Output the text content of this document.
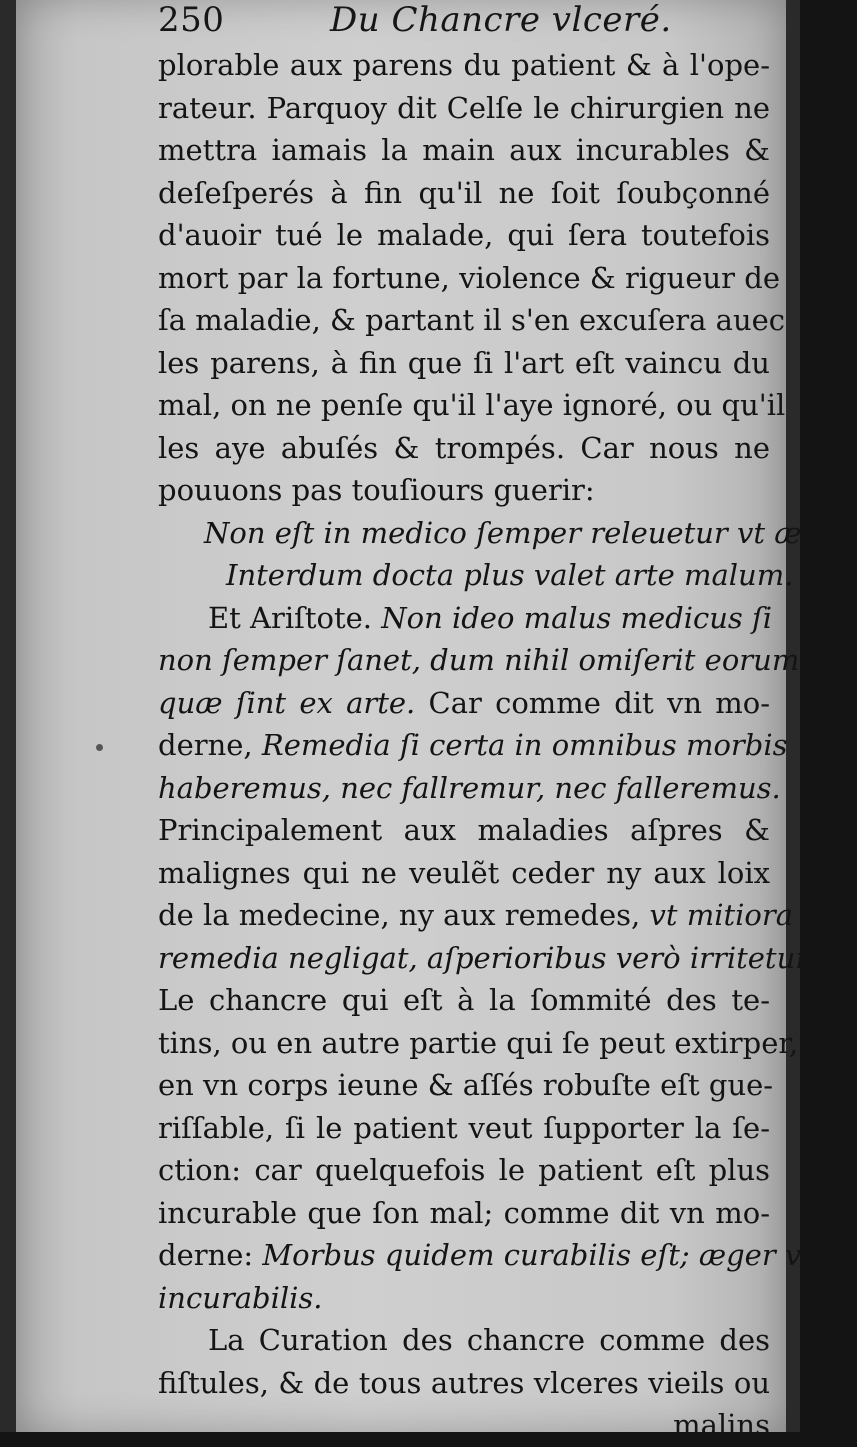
250	Du Chancre vlceré.
plorable aux parens du patient & à l'ope-
rateur. Parquoy dit Celſe le chirurgien ne
mettra iamais la main aux incurables &
deſeſperés à fin qu'il ne ſoit ſoubçonné
d'auoir tué le malade, qui ſera toutefois
mort par la fortune, violence & rigueur de
ſa maladie, & partant il s'en excuſera auec
les parens, à fin que ſi l'art eſt vaincu du
mal, on ne penſe qu'il l'aye ignoré, ou qu'il
les aye abuſés & trompés. Car nous ne
pouuons pas touſiours guerir:
Non eſt in medico ſemper releuetur vt æger,
Interdum docta plus valet arte malum.
Et Ariſtote. Non ideo malus medicus ſi
non ſemper ſanet, dum nihil omiſerit eorum
quæ ſint ex arte. Car comme dit vn mo-
derne, Remedia ſi certa in omnibus morbis
haberemus, nec fallremur, nec falleremus.
Principalement aux maladies aſpres &
malignes qui ne veulẽt ceder ny aux loix
de la medecine, ny aux remedes, vt mitiora
remedia negligat, aſperioribus verò irritetur.
Le chancre qui eſt à la ſommité des te-
tins, ou en autre partie qui ſe peut extirper,
en vn corps ieune & aſſés robuſte eſt gue-
riſſable, ſi le patient veut ſupporter la ſe-
ction: car quelquefois le patient eſt plus
incurable que ſon mal; comme dit vn mo-
derne: Morbus quidem curabilis eſt; æger verò
incurabilis.
La Curation des chancre comme des
fiſtules, & de tous autres vlceres vieils ou
malins
